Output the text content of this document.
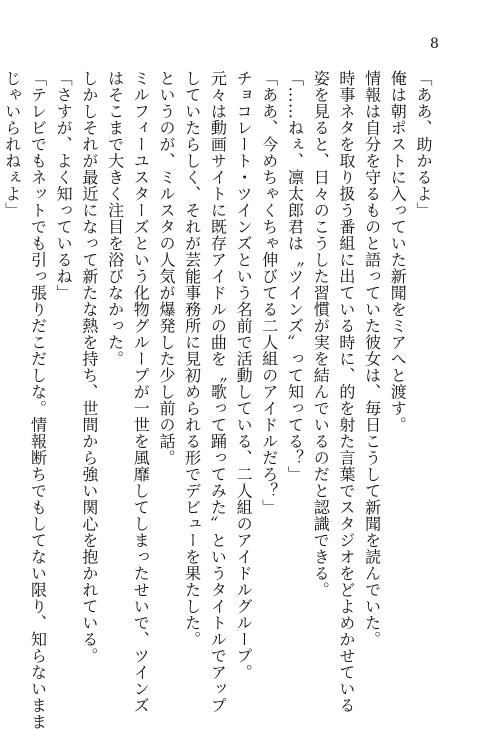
8
「ああ、助かるよ」
俺は朝ポストに入っていた新聞をミアへと渡す。
情報は自分を守るものと語っていた彼女は、毎日こうして新聞を読んでいた。
時事ネタを取り扱う番組に出ている時に、的を射た言葉でスタジオをどよめかせている
姿を見ると、日々のこうした習慣が実を結んでいるのだと認識できる。
「……ねぇ、凛太郎君は〝ツインズ〟って知ってる？」
「ああ、今めちゃくちゃ伸びてる二人組のアイドルだろ？」
チョコレート・ツインズという名前で活動している、二人組のアイドルグループ。
元々は動画サイトに既存アイドルの曲を〝歌って踊ってみた〟というタイトルでアップ
していたらしく、それが芸能事務所に見初められる形でデビューを果たした。
というのが、ミルスタの人気が爆発した少し前の話。
ミルフィーユスターズという化物グループが一世を風靡してしまったせいで、ツインズ
はそこまで大きく注目を浴びなかった。
しかしそれが最近になって新たな熱を持ち、世間から強い関心を抱かれている。
「さすが、よく知っているね」
「テレビでもネットでも引っ張りだこだしな。情報断ちでもしてない限り、知らないまま
じゃいられねぇよ」
